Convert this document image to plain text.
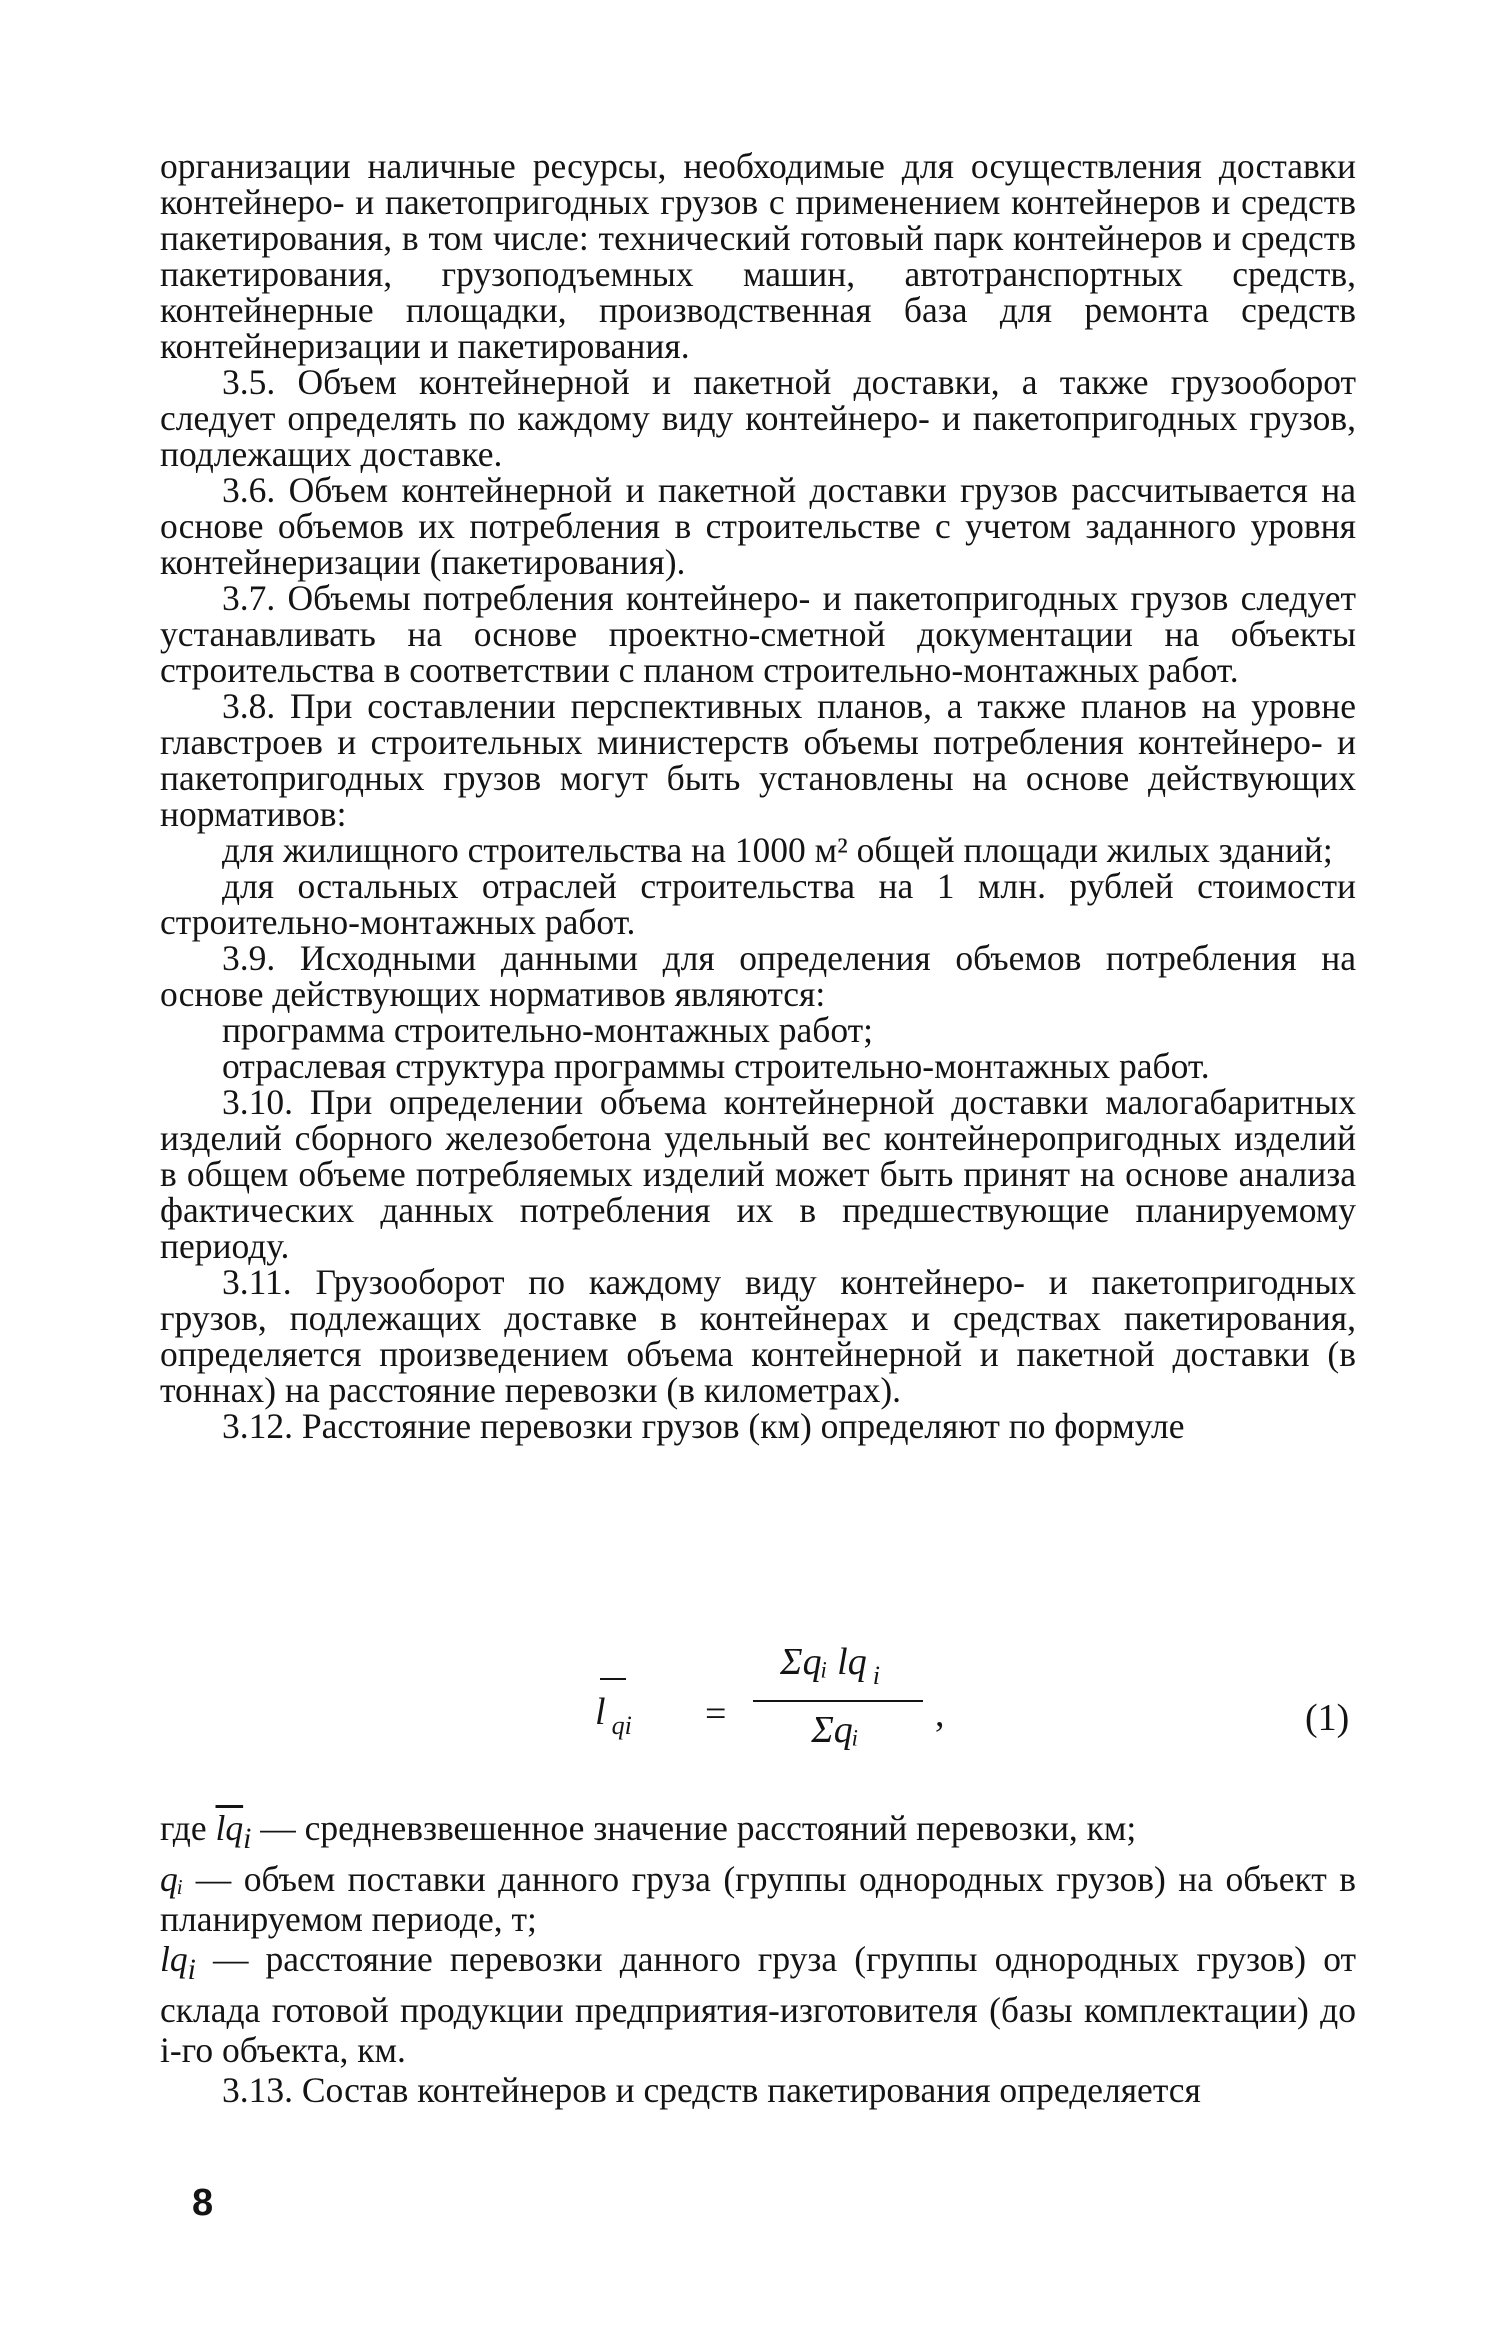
организации наличные ресурсы, необходимые для осуществления доставки контейнеро- и пакетопригодных грузов с применением контейнеров и средств пакетирования, в том числе: технический готовый парк контейнеров и средств пакетирования, грузоподъемных машин, автотранспортных средств, контейнерные площадки, производственная база для ремонта средств контейнеризации и пакетирования.

3.5. Объем контейнерной и пакетной доставки, а также грузооборот следует определять по каждому виду контейнеро- и пакетопригодных грузов, подлежащих доставке.

3.6. Объем контейнерной и пакетной доставки грузов рассчитывается на основе объемов их потребления в строительстве с учетом заданного уровня контейнеризации (пакетирования).

3.7. Объемы потребления контейнеро- и пакетопригодных грузов следует устанавливать на основе проектно-сметной документации на объекты строительства в соответствии с планом строительно-монтажных работ.

3.8. При составлении перспективных планов, а также планов на уровне главстроев и строительных министерств объемы потребления контейнеро- и пакетопригодных грузов могут быть установлены на основе действующих нормативов:

для жилищного строительства на 1000 м² общей площади жилых зданий;

для остальных отраслей строительства на 1 млн. рублей стоимости строительно-монтажных работ.

3.9. Исходными данными для определения объемов потребления на основе действующих нормативов являются:

программа строительно-монтажных работ;

отраслевая структура программы строительно-монтажных работ.

3.10. При определении объема контейнерной доставки малогабаритных изделий сборного железобетона удельный вес контейнеропригодных изделий в общем объеме потребляемых изделий может быть принят на основе анализа фактических данных потребления их в предшествующие планируемому периоду.

3.11. Грузооборот по каждому виду контейнеро- и пакетопригодных грузов, подлежащих доставке в контейнерах и средствах пакетирования, определяется произведением объема контейнерной и пакетной доставки (в тоннах) на расстояние перевозки (в километрах).

3.12. Расстояние перевозки грузов (км) определяют по формуле

l $_{qi}$ =
Σqᵢ lq $_i$
Σqᵢ	,	(1)

где $\overline{lq}_i$ — средневзвешенное значение расстояний перевозки, км;

qᵢ — объем поставки данного груза (группы однородных грузов) на объект в планируемом периоде, т;

$lq_i$ — расстояние перевозки данного груза (группы однородных грузов) от склада готовой продукции предприятия-изготовителя (базы комплектации) до i-го объекта, км.

3.13. Состав контейнеров и средств пакетирования определяется

8
